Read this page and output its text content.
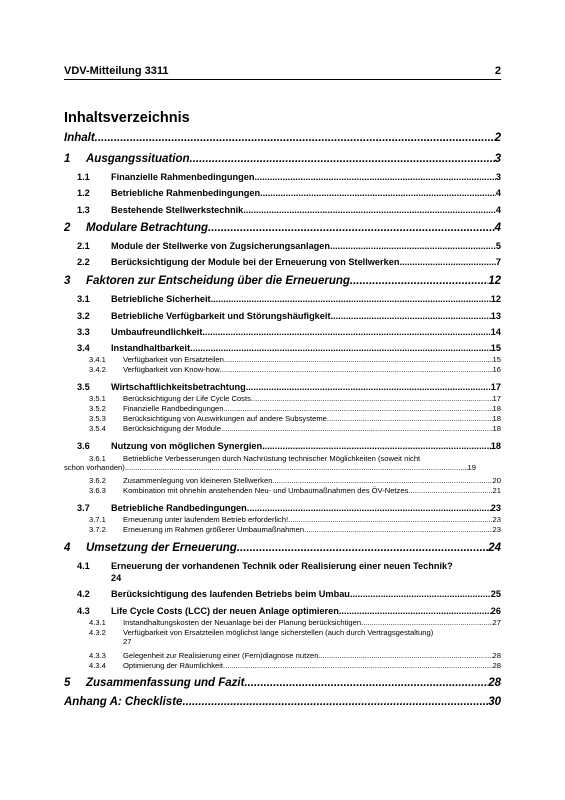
VDV-Mitteilung 3311	2
Inhaltsverzeichnis
Inhalt .....	2
1	Ausgangssituation .....	3
1.1	Finanzielle Rahmenbedingungen .....	3
1.2	Betriebliche Rahmenbedingungen .....	4
1.3	Bestehende Stellwerkstechnik .....	4
2	Modulare Betrachtung .....	4
2.1	Module der Stellwerke von Zugsicherungsanlagen .....	5
2.2	Berücksichtigung der Module bei der Erneuerung von Stellwerken .....	7
3	Faktoren zur Entscheidung über die Erneuerung .....	12
3.1	Betriebliche Sicherheit .....	12
3.2	Betriebliche Verfügbarkeit und Störungshäufigkeit .....	13
3.3	Umbaufreundlichkeit .....	14
3.4	Instandhaltbarkeit .....	15
3.4.1	Verfügbarkeit von Ersatzteilen .....	15
3.4.2	Verfügbarkeit von Know-how .....	16
3.5	Wirtschaftlichkeitsbetrachtung .....	17
3.5.1	Berücksichtigung der Life Cycle Costs .....	17
3.5.2	Finanzielle Randbedingungen .....	18
3.5.3	Berücksichtigung von Auswirkungen auf andere Subsysteme .....	18
3.5.4	Berücksichtigung der Module .....	18
3.6	Nutzung von möglichen Synergien .....	18
3.6.1 Betriebliche Verbesserungen durch Nachrüstung technischer Möglichkeiten (soweit nicht
schon vorhanden) .....	19
3.6.2	Zusammenlegung von kleineren Stellwerken .....	20
3.6.3	Kombination mit ohnehin anstehenden Neu- und Umbaumaßnahmen des ÖV-Netzes .....	21
3.7	Betriebliche Randbedingungen .....	23
3.7.1	Erneuerung unter laufendem Betrieb erforderlich! .....	23
3.7.2	Erneuerung im Rahmen größerer Umbaumaßnahmen .....	23
4	Umsetzung der Erneuerung .....	24
4.1 Erneuerung der vorhandenen Technik oder Realisierung einer neuen Technik?
24
4.2	Berücksichtigung des laufenden Betriebs beim Umbau .....	25
4.3	Life Cycle Costs (LCC) der neuen Anlage optimieren .....	26
4.3.1	Instandhaltungskosten der Neuanlage bei der Planung berücksichtigen .....	27
4.3.2 Verfügbarkeit von Ersatzteilen möglichst lange sicherstellen (auch durch Vertragsgestaltung)
27
4.3.3	Gelegenheit zur Realisierung einer (Fern)diagnose nutzen .....	28
4.3.4	Optimierung der Räumlichkeit .....	28
5	Zusammenfassung und Fazit .....	28
Anhang A: Checkliste .....	30
